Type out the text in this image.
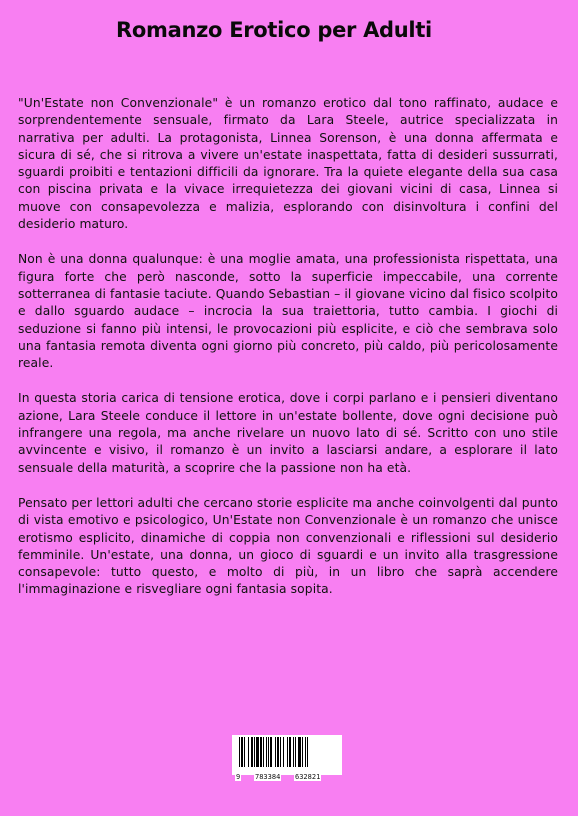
Romanzo Erotico per Adulti

"Un'Estate non Convenzionale" è un romanzo erotico dal tono raffinato, audace e sorprendentemente sensuale, firmato da Lara Steele, autrice specializzata in narrativa per adulti. La protagonista, Linnea Sorenson, è una donna affermata e sicura di sé, che si ritrova a vivere un'estate inaspettata, fatta di desideri sussurrati, sguardi proibiti e tentazioni difficili da ignorare. Tra la quiete elegante della sua casa con piscina privata e la vivace irrequietezza dei giovani vicini di casa, Linnea si muove con consapevolezza e malizia, esplorando con disinvoltura i confini del desiderio maturo.

Non è una donna qualunque: è una moglie amata, una professionista rispettata, una figura forte che però nasconde, sotto la superficie impeccabile, una corrente sotterranea di fantasie taciute. Quando Sebastian – il giovane vicino dal fisico scolpito e dallo sguardo audace – incrocia la sua traiettoria, tutto cambia. I giochi di seduzione si fanno più intensi, le provocazioni più esplicite, e ciò che sembrava solo una fantasia remota diventa ogni giorno più concreto, più caldo, più pericolosamente reale.

In questa storia carica di tensione erotica, dove i corpi parlano e i pensieri diventano azione, Lara Steele conduce il lettore in un'estate bollente, dove ogni decisione può infrangere una regola, ma anche rivelare un nuovo lato di sé. Scritto con uno stile avvincente e visivo, il romanzo è un invito a lasciarsi andare, a esplorare il lato sensuale della maturità, a scoprire che la passione non ha età.

Pensato per lettori adulti che cercano storie esplicite ma anche coinvolgenti dal punto di vista emotivo e psicologico, Un'Estate non Convenzionale è un romanzo che unisce erotismo esplicito, dinamiche di coppia non convenzionali e riflessioni sul desiderio femminile. Un'estate, una donna, un gioco di sguardi e un invito alla trasgressione consapevole: tutto questo, e molto di più, in un libro che saprà accendere l'immaginazione e risvegliare ogni fantasia sopita.

9 783384 632821
